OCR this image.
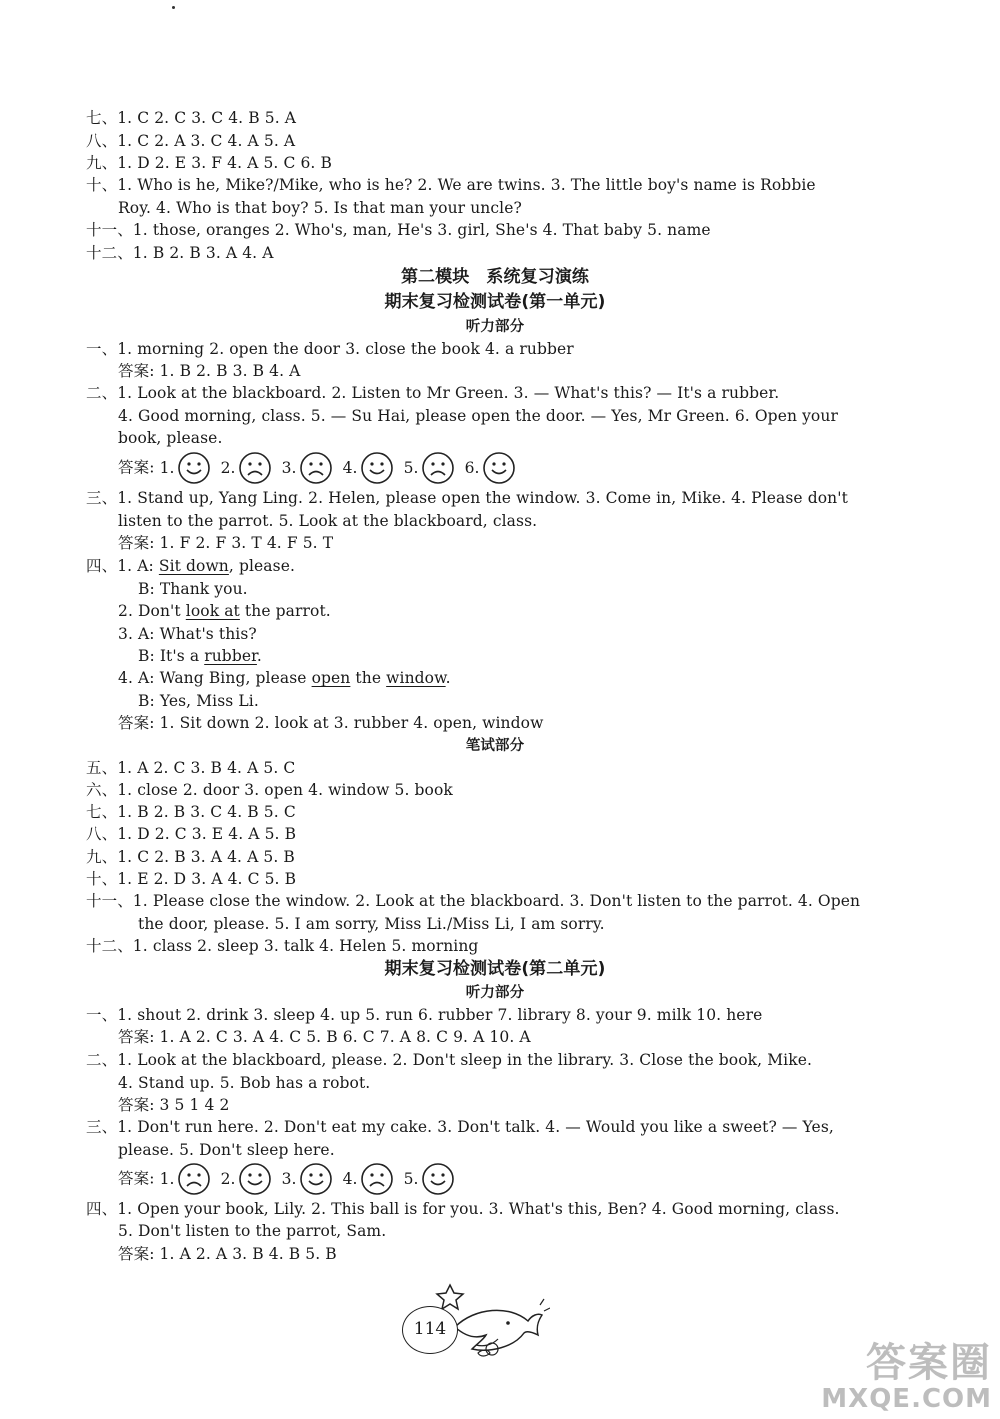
七、1. C 2. C 3. C 4. B 5. A
八、1. C 2. A 3. C 4. A 5. A
九、1. D 2. E 3. F 4. A 5. C 6. B
十、1. Who is he, Mike?/Mike, who is he? 2. We are twins. 3. The little boy's name is Robbie
Roy. 4. Who is that boy? 5. Is that man your uncle?
十一、1. those, oranges 2. Who's, man, He's 3. girl, She's 4. That baby 5. name
十二、1. B 2. B 3. A 4. A
第二模块　系统复习演练
期末复习检测试卷(第一单元)
听力部分
一、1. morning 2. open the door 3. close the book 4. a rubber
答案: 1. B 2. B 3. B 4. A
二、1. Look at the blackboard. 2. Listen to Mr Green. 3. — What's this? — It's a rubber.
4. Good morning, class. 5. — Su Hai, please open the door. — Yes, Mr Green. 6. Open your
book, please.
答案: 1.	2.	3.	4.	5.	6.
三、1. Stand up, Yang Ling. 2. Helen, please open the window. 3. Come in, Mike. 4. Please don't
listen to the parrot. 5. Look at the blackboard, class.
答案: 1. F 2. F 3. T 4. F 5. T
四、1. A: Sit down, please.
B: Thank you.
2. Don't look at the parrot.
3. A: What's this?
B: It's a rubber.
4. A: Wang Bing, please open the window.
B: Yes, Miss Li.
答案: 1. Sit down 2. look at 3. rubber 4. open, window
笔试部分
五、1. A 2. C 3. B 4. A 5. C
六、1. close 2. door 3. open 4. window 5. book
七、1. B 2. B 3. C 4. B 5. C
八、1. D 2. C 3. E 4. A 5. B
九、1. C 2. B 3. A 4. A 5. B
十、1. E 2. D 3. A 4. C 5. B
十一、1. Please close the window. 2. Look at the blackboard. 3. Don't listen to the parrot. 4. Open
the door, please. 5. I am sorry, Miss Li./Miss Li, I am sorry.
十二、1. class 2. sleep 3. talk 4. Helen 5. morning
期末复习检测试卷(第二单元)
听力部分
一、1. shout 2. drink 3. sleep 4. up 5. run 6. rubber 7. library 8. your 9. milk 10. here
答案: 1. A 2. C 3. A 4. C 5. B 6. C 7. A 8. C 9. A 10. A
二、1. Look at the blackboard, please. 2. Don't sleep in the library. 3. Close the book, Mike.
4. Stand up. 5. Bob has a robot.
答案: 3 5 1 4 2
三、1. Don't run here. 2. Don't eat my cake. 3. Don't talk. 4. — Would you like a sweet? — Yes,
please. 5. Don't sleep here.
答案: 1.	2.	3.	4.	5.
四、1. Open your book, Lily. 2. This ball is for you. 3. What's this, Ben? 4. Good morning, class.
5. Don't listen to the parrot, Sam.
答案: 1. A 2. A 3. B 4. B 5. B
114
答案圈
MXQE.COM
